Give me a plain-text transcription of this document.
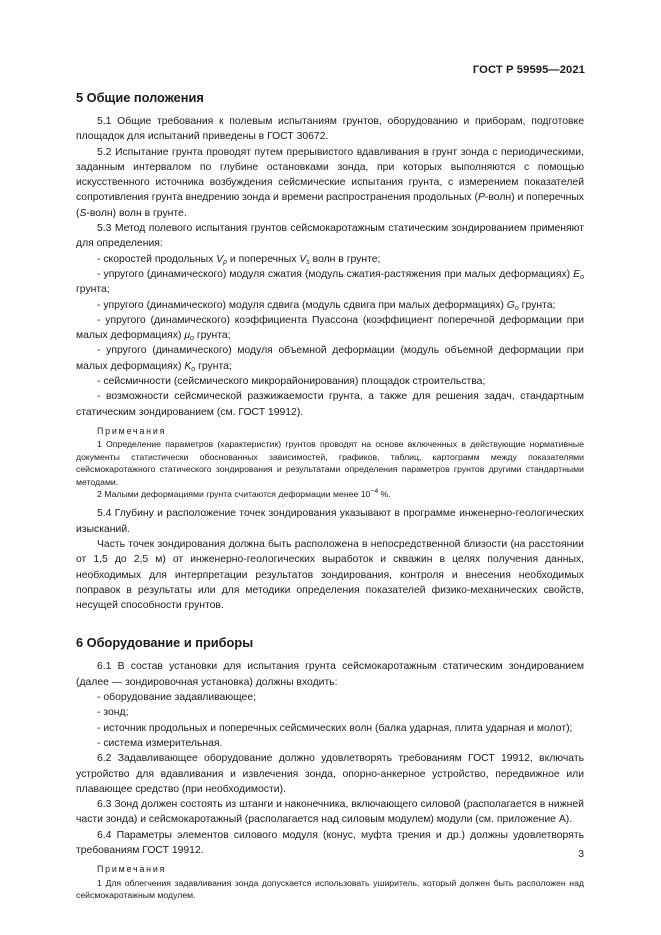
ГОСТ Р 59595—2021
5 Общие положения

5.1 Общие требования к полевым испытаниям грунтов, оборудованию и приборам, подготовке площадок для испытаний приведены в ГОСТ 30672.

5.2 Испытание грунта проводят путем прерывистого вдавливания в грунт зонда с периодическими, заданным интервалом по глубине остановками зонда, при которых выполняются с помощью искусственного источника возбуждения сейсмические испытания грунта, с измерением показателей сопротивления грунта внедрению зонда и времени распространения продольных (P-волн) и поперечных (S-волн) волн в грунте.

5.3 Метод полевого испытания грунтов сейсмокаротажным статическим зондированием применяют для определения:

- скоростей продольных $V_p$ и поперечных $V_s$ волн в грунте;

- упругого (динамического) модуля сжатия (модуль сжатия-растяжения при малых деформациях) $E_o$ грунта;

- упругого (динамического) модуля сдвига (модуль сдвига при малых деформациях) $G_o$ грунта;

- упругого (динамического) коэффициента Пуассона (коэффициент поперечной деформации при малых деформациях) $\mu_o$ грунта;

- упругого (динамического) модуля объемной деформации (модуль объемной деформации при малых деформациях) $K_o$ грунта;

- сейсмичности (сейсмического микрорайонирования) площадок строительства;

- возможности сейсмической разжижаемости грунта, а также для решения задач, стандартным статическим зондированием (см. ГОСТ 19912).

Примечания

1 Определение параметров (характеристик) грунтов проводят на основе включенных в действующие нормативные документы статистически обоснованных зависимостей, графиков, таблиц, картограмм между показателями сейсмокаротажного статического зондирования и результатами определения параметров грунтов другими стандартными методами.

2 Малыми деформациями грунта считаются деформации менее $10^{-4}$ %.

5.4 Глубину и расположение точек зондирования указывают в программе инженерно-геологических изысканий.

Часть точек зондирования должна быть расположена в непосредственной близости (на расстоянии от 1,5 до 2,5 м) от инженерно-геологических выработок и скважин в целях получения данных, необходимых для интерпретации результатов зондирования, контроля и внесения необходимых поправок в результаты или для методики определения показателей физико-механических свойств, несущей способности грунтов.

6 Оборудование и приборы

6.1 В состав установки для испытания грунта сейсмокаротажным статическим зондированием (далее — зондировочная установка) должны входить:

- оборудование задавливающее;

- зонд;

- источник продольных и поперечных сейсмических волн (балка ударная, плита ударная и молот);

- система измерительная.

6.2 Задавливающее оборудование должно удовлетворять требованиям ГОСТ 19912, включать устройство для вдавливания и извлечения зонда, опорно-анкерное устройство, передвижное или плавающее средство (при необходимости).

6.3 Зонд должен состоять из штанги и наконечника, включающего силовой (располагается в нижней части зонда) и сейсмокаротажный (располагается над силовым модулем) модули (см. приложение А).

6.4 Параметры элементов силового модуля (конус, муфта трения и др.) должны удовлетворять требованиям ГОСТ 19912.

Примечания

1 Для облегчения задавливания зонда допускается использовать уширитель, который должен быть расположен над сейсмокаротажным модулем.

3
